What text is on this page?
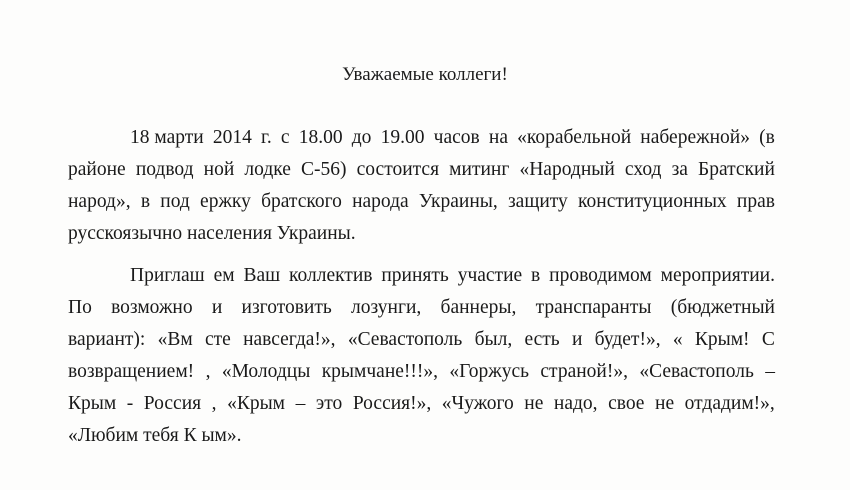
Уважаемые коллеги!
18 марти 2014 г. с 18.00 до 19.00 часов на «корабельной набережной» (в
районе подвод ной лодке С-56) состоится митинг «Народный сход за Братский
народ», в под ержку братского народа Украины, защиту конституционных прав
русскоязычно населения Украины.
Приглаш ем Ваш коллектив принять участие в проводимом мероприятии.
По возможно и изготовить лозунги, баннеры, транспаранты (бюджетный
вариант): «Вм сте навсегда!», «Севастополь был, есть и будет!», « Крым! С
возвращением! , «Молодцы крымчане!!!», «Горжусь страной!», «Севастополь –
Крым - Россия , «Крым – это Россия!», «Чужого не надо, свое не отдадим!»,
«Любим тебя К ым».
